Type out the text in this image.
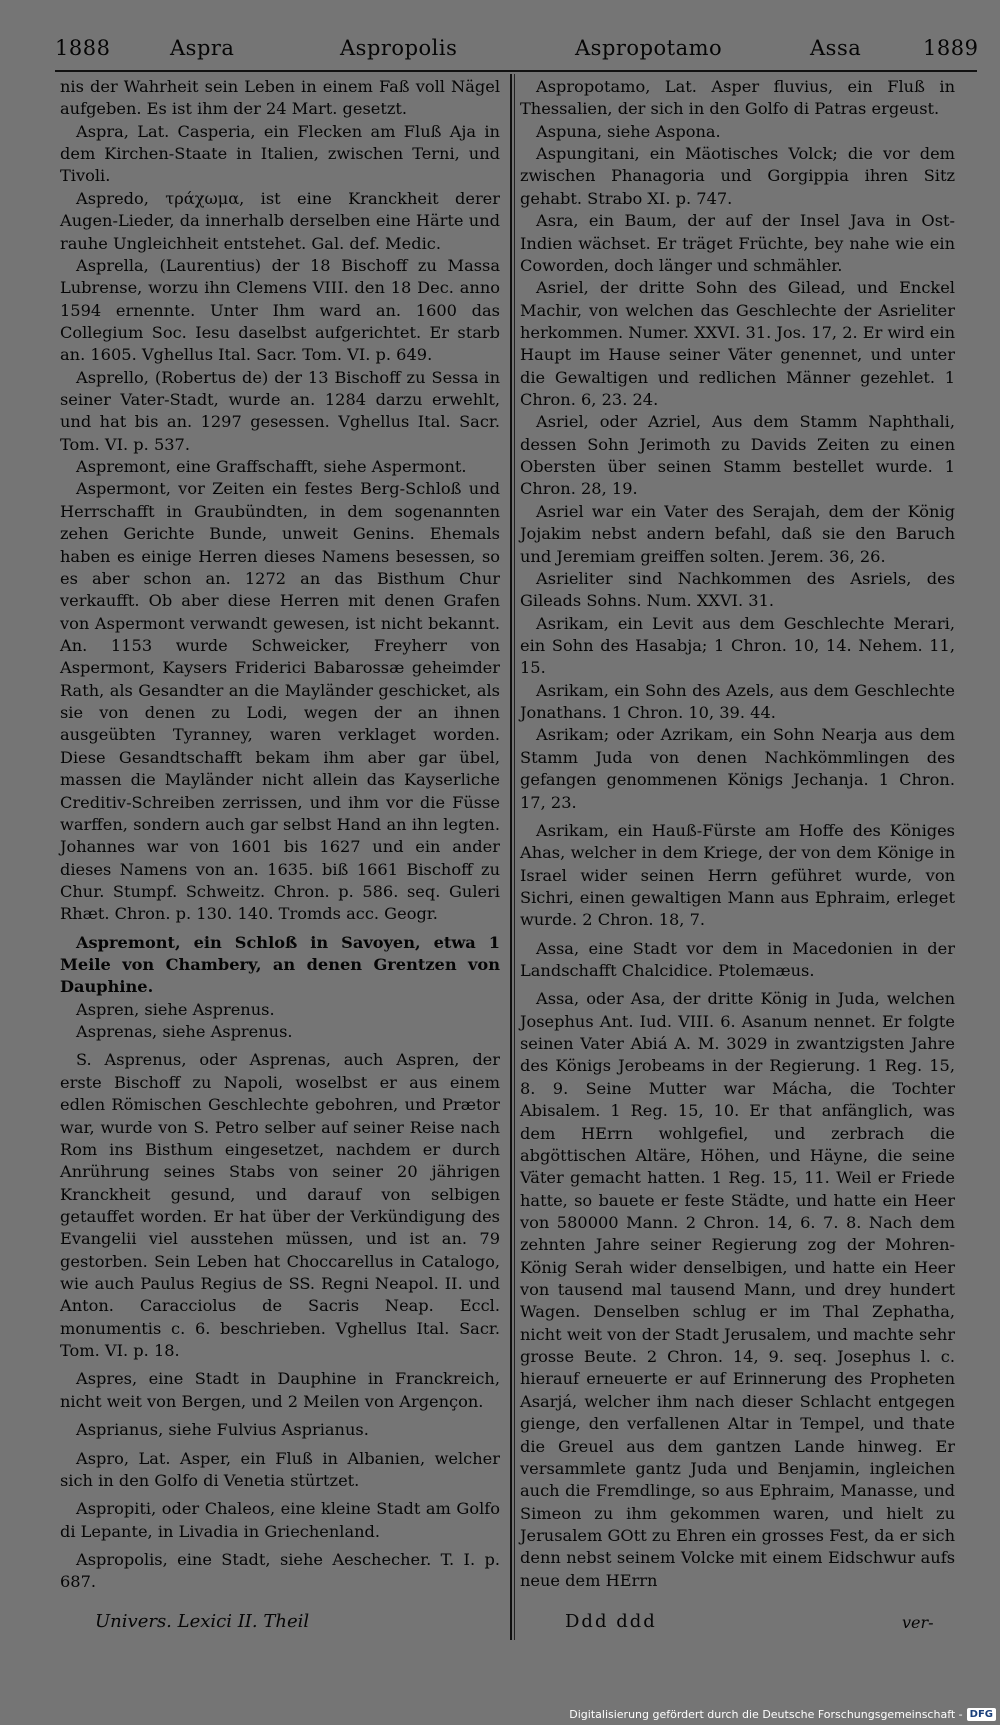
1888	Aspra	Aspropolis	Aspropotamo	Assa	1889

nis der Wahrheit sein Leben in einem Faß voll Nägel aufgeben. Es ist ihm der 24 Mart. gesetzt.

Aspra, Lat. Casperia, ein Flecken am Fluß Aja in dem Kirchen-Staate in Italien, zwischen Terni, und Tivoli.

Aspredo, τράχωμα, ist eine Kranckheit derer Augen-Lieder, da innerhalb derselben eine Härte und rauhe Ungleichheit entstehet. Gal. def. Medic.

Asprella, (Laurentius) der 18 Bischoff zu Massa Lubrense, worzu ihn Clemens VIII. den 18 Dec. anno 1594 ernennte. Unter Ihm ward an. 1600 das Collegium Soc. Iesu daselbst aufgerichtet. Er starb an. 1605. Vghellus Ital. Sacr. Tom. VI. p. 649.

Asprello, (Robertus de) der 13 Bischoff zu Sessa in seiner Vater-Stadt, wurde an. 1284 darzu erwehlt, und hat bis an. 1297 gesessen. Vghellus Ital. Sacr. Tom. VI. p. 537.

Aspremont, eine Graffschafft, siehe Aspermont.

Aspermont, vor Zeiten ein festes Berg-Schloß und Herrschafft in Graubündten, in dem sogenannten zehen Gerichte Bunde, unweit Genins. Ehemals haben es einige Herren dieses Namens besessen, so es aber schon an. 1272 an das Bisthum Chur verkaufft. Ob aber diese Herren mit denen Grafen von Aspermont verwandt gewesen, ist nicht bekannt. An. 1153 wurde Schweicker, Freyherr von Aspermont, Kaysers Friderici Babarossæ geheimder Rath, als Gesandter an die Mayländer geschicket, als sie von denen zu Lodi, wegen der an ihnen ausgeübten Tyranney, waren verklaget worden. Diese Gesandtschafft bekam ihm aber gar übel, massen die Mayländer nicht allein das Kayserliche Creditiv-Schreiben zerrissen, und ihm vor die Füsse warffen, sondern auch gar selbst Hand an ihn legten. Johannes war von 1601 bis 1627 und ein ander dieses Namens von an. 1635. biß 1661 Bischoff zu Chur. Stumpf. Schweitz. Chron. p. 586. seq. Guleri Rhæt. Chron. p. 130. 140. Tromds acc. Geogr.

Aspremont, ein Schloß in Savoyen, etwa 1 Meile von Chambery, an denen Grentzen von Dauphine.

Aspren, siehe Asprenus.

Asprenas, siehe Asprenus.

S. Asprenus, oder Asprenas, auch Aspren, der erste Bischoff zu Napoli, woselbst er aus einem edlen Römischen Geschlechte gebohren, und Prætor war, wurde von S. Petro selber auf seiner Reise nach Rom ins Bisthum eingesetzet, nachdem er durch Anrührung seines Stabs von seiner 20 jährigen Kranckheit gesund, und darauf von selbigen getauffet worden. Er hat über der Verkündigung des Evangelii viel ausstehen müssen, und ist an. 79 gestorben. Sein Leben hat Choccarellus in Catalogo, wie auch Paulus Regius de SS. Regni Neapol. II. und Anton. Caracciolus de Sacris Neap. Eccl. monumentis c. 6. beschrieben. Vghellus Ital. Sacr. Tom. VI. p. 18.

Aspres, eine Stadt in Dauphine in Franckreich, nicht weit von Bergen, und 2 Meilen von Argençon.

Asprianus, siehe Fulvius Asprianus.

Aspro, Lat. Asper, ein Fluß in Albanien, welcher sich in den Golfo di Venetia stürtzet.

Aspropiti, oder Chaleos, eine kleine Stadt am Golfo di Lepante, in Livadia in Griechenland.

Aspropolis, eine Stadt, siehe Aeschecher. T. I. p. 687.

Aspropotamo, Lat. Asper fluvius, ein Fluß in Thessalien, der sich in den Golfo di Patras ergeust.

Aspuna, siehe Aspona.

Aspungitani, ein Mäotisches Volck; die vor dem zwischen Phanagoria und Gorgippia ihren Sitz gehabt. Strabo XI. p. 747.

Asra, ein Baum, der auf der Insel Java in Ost-Indien wächset. Er träget Früchte, bey nahe wie ein Coworden, doch länger und schmähler.

Asriel, der dritte Sohn des Gilead, und Enckel Machir, von welchen das Geschlechte der Asrieliter herkommen. Numer. XXVI. 31. Jos. 17, 2. Er wird ein Haupt im Hause seiner Väter genennet, und unter die Gewaltigen und redlichen Männer gezehlet. 1 Chron. 6, 23. 24.

Asriel, oder Azriel, Aus dem Stamm Naphthali, dessen Sohn Jerimoth zu Davids Zeiten zu einen Obersten über seinen Stamm bestellet wurde. 1 Chron. 28, 19.

Asriel war ein Vater des Serajah, dem der König Jojakim nebst andern befahl, daß sie den Baruch und Jeremiam greiffen solten. Jerem. 36, 26.

Asrieliter sind Nachkommen des Asriels, des Gileads Sohns. Num. XXVI. 31.

Asrikam, ein Levit aus dem Geschlechte Merari, ein Sohn des Hasabja; 1 Chron. 10, 14. Nehem. 11, 15.

Asrikam, ein Sohn des Azels, aus dem Geschlechte Jonathans. 1 Chron. 10, 39. 44.

Asrikam; oder Azrikam, ein Sohn Nearja aus dem Stamm Juda von denen Nachkömmlingen des gefangen genommenen Königs Jechanja. 1 Chron. 17, 23.

Asrikam, ein Hauß-Fürste am Hoffe des Königes Ahas, welcher in dem Kriege, der von dem Könige in Israel wider seinen Herrn geführet wurde, von Sichri, einen gewaltigen Mann aus Ephraim, erleget wurde. 2 Chron. 18, 7.

Assa, eine Stadt vor dem in Macedonien in der Landschafft Chalcidice. Ptolemæus.

Assa, oder Asa, der dritte König in Juda, welchen Josephus Ant. Iud. VIII. 6. Asanum nennet. Er folgte seinen Vater Abiá A. M. 3029 in zwantzigsten Jahre des Königs Jerobeams in der Regierung. 1 Reg. 15, 8. 9. Seine Mutter war Mácha, die Tochter Abisalem. 1 Reg. 15, 10. Er that anfänglich, was dem HErrn wohlgefiel, und zerbrach die abgöttischen Altäre, Höhen, und Häyne, die seine Väter gemacht hatten. 1 Reg. 15, 11. Weil er Friede hatte, so bauete er feste Städte, und hatte ein Heer von 580000 Mann. 2 Chron. 14, 6. 7. 8. Nach dem zehnten Jahre seiner Regierung zog der Mohren-König Serah wider denselbigen, und hatte ein Heer von tausend mal tausend Mann, und drey hundert Wagen. Denselben schlug er im Thal Zephatha, nicht weit von der Stadt Jerusalem, und machte sehr grosse Beute. 2 Chron. 14, 9. seq. Josephus l. c. hierauf erneuerte er auf Erinnerung des Propheten Asarjá, welcher ihm nach dieser Schlacht entgegen gienge, den verfallenen Altar in Tempel, und thate die Greuel aus dem gantzen Lande hinweg. Er versammlete gantz Juda und Benjamin, ingleichen auch die Fremdlinge, so aus Ephraim, Manasse, und Simeon zu ihm gekommen waren, und hielt zu Jerusalem GOtt zu Ehren ein grosses Fest, da er sich denn nebst seinem Volcke mit einem Eidschwur aufs neue dem HErrn

Univers. Lexici II. Theil	Ddd ddd	ver-
Digitalisierung gefördert durch die Deutsche Forschungsgemeinschaft - DFG
